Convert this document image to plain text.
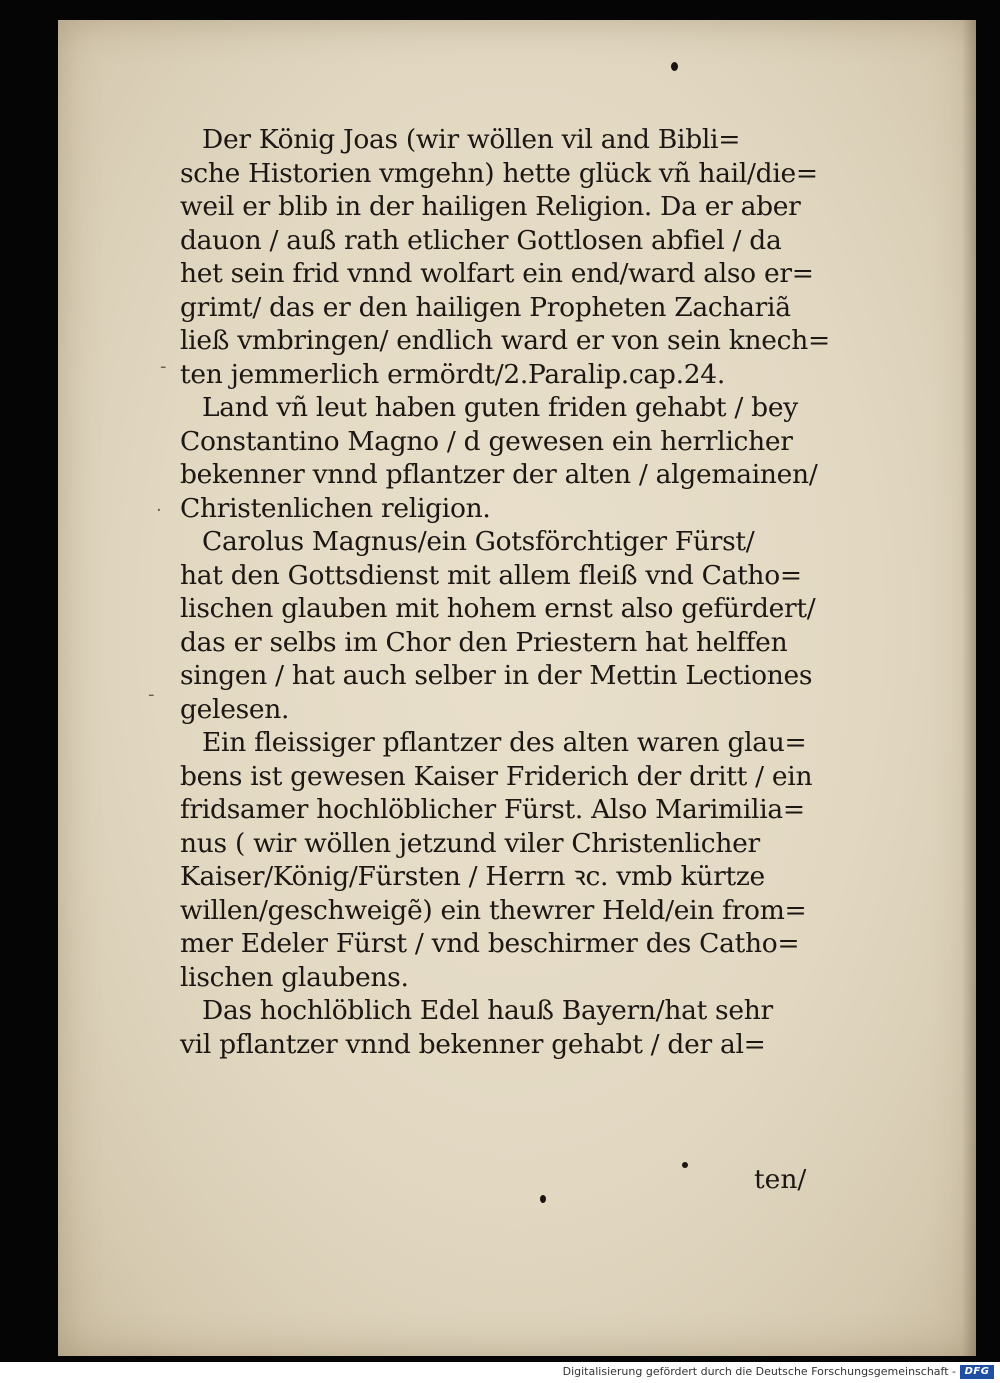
-
·
-
Der König Joas (wir wöllen vil and Bibli=
sche Historien vmgehn) hette glück vñ hail/die=
weil er blib in der hailigen Religion. Da er aber
dauon / auß rath etlicher Gottlosen abfiel / da
het sein frid vnnd wolfart ein end/ward also er=
grimt/ das er den hailigen Propheten Zachariã
ließ vmbringen/ endlich ward er von sein knech=
ten jemmerlich ermördt/2.Paralip.cap.24.
Land vñ leut haben guten friden gehabt / bey
Constantino Magno / d gewesen ein herrlicher
bekenner vnnd pflantzer der alten / algemainen/
Christenlichen religion.
Carolus Magnus/ein Gotsförchtiger Fürst/
hat den Gottsdienst mit allem fleiß vnd Catho=
lischen glauben mit hohem ernst also gefürdert/
das er selbs im Chor den Priestern hat helffen
singen / hat auch selber in der Mettin Lectiones
gelesen.
Ein fleissiger pflantzer des alten waren glau=
bens ist gewesen Kaiser Friderich der dritt / ein
fridsamer hochlöblicher Fürst. Also Marimilia=
nus ( wir wöllen jetzund viler Christenlicher
Kaiser/König/Fürsten / Herrn ꝛc. vmb kürtze
willen/geschweigẽ) ein thewrer Held/ein from=
mer Edeler Fürst / vnd beschirmer des Catho=
lischen glaubens.
Das hochlöblich Edel hauß Bayern/hat sehr
vil pflantzer vnnd bekenner gehabt / der al=
ten/
Digitalisierung gefördert durch die Deutsche Forschungsgemeinschaft - DFG
